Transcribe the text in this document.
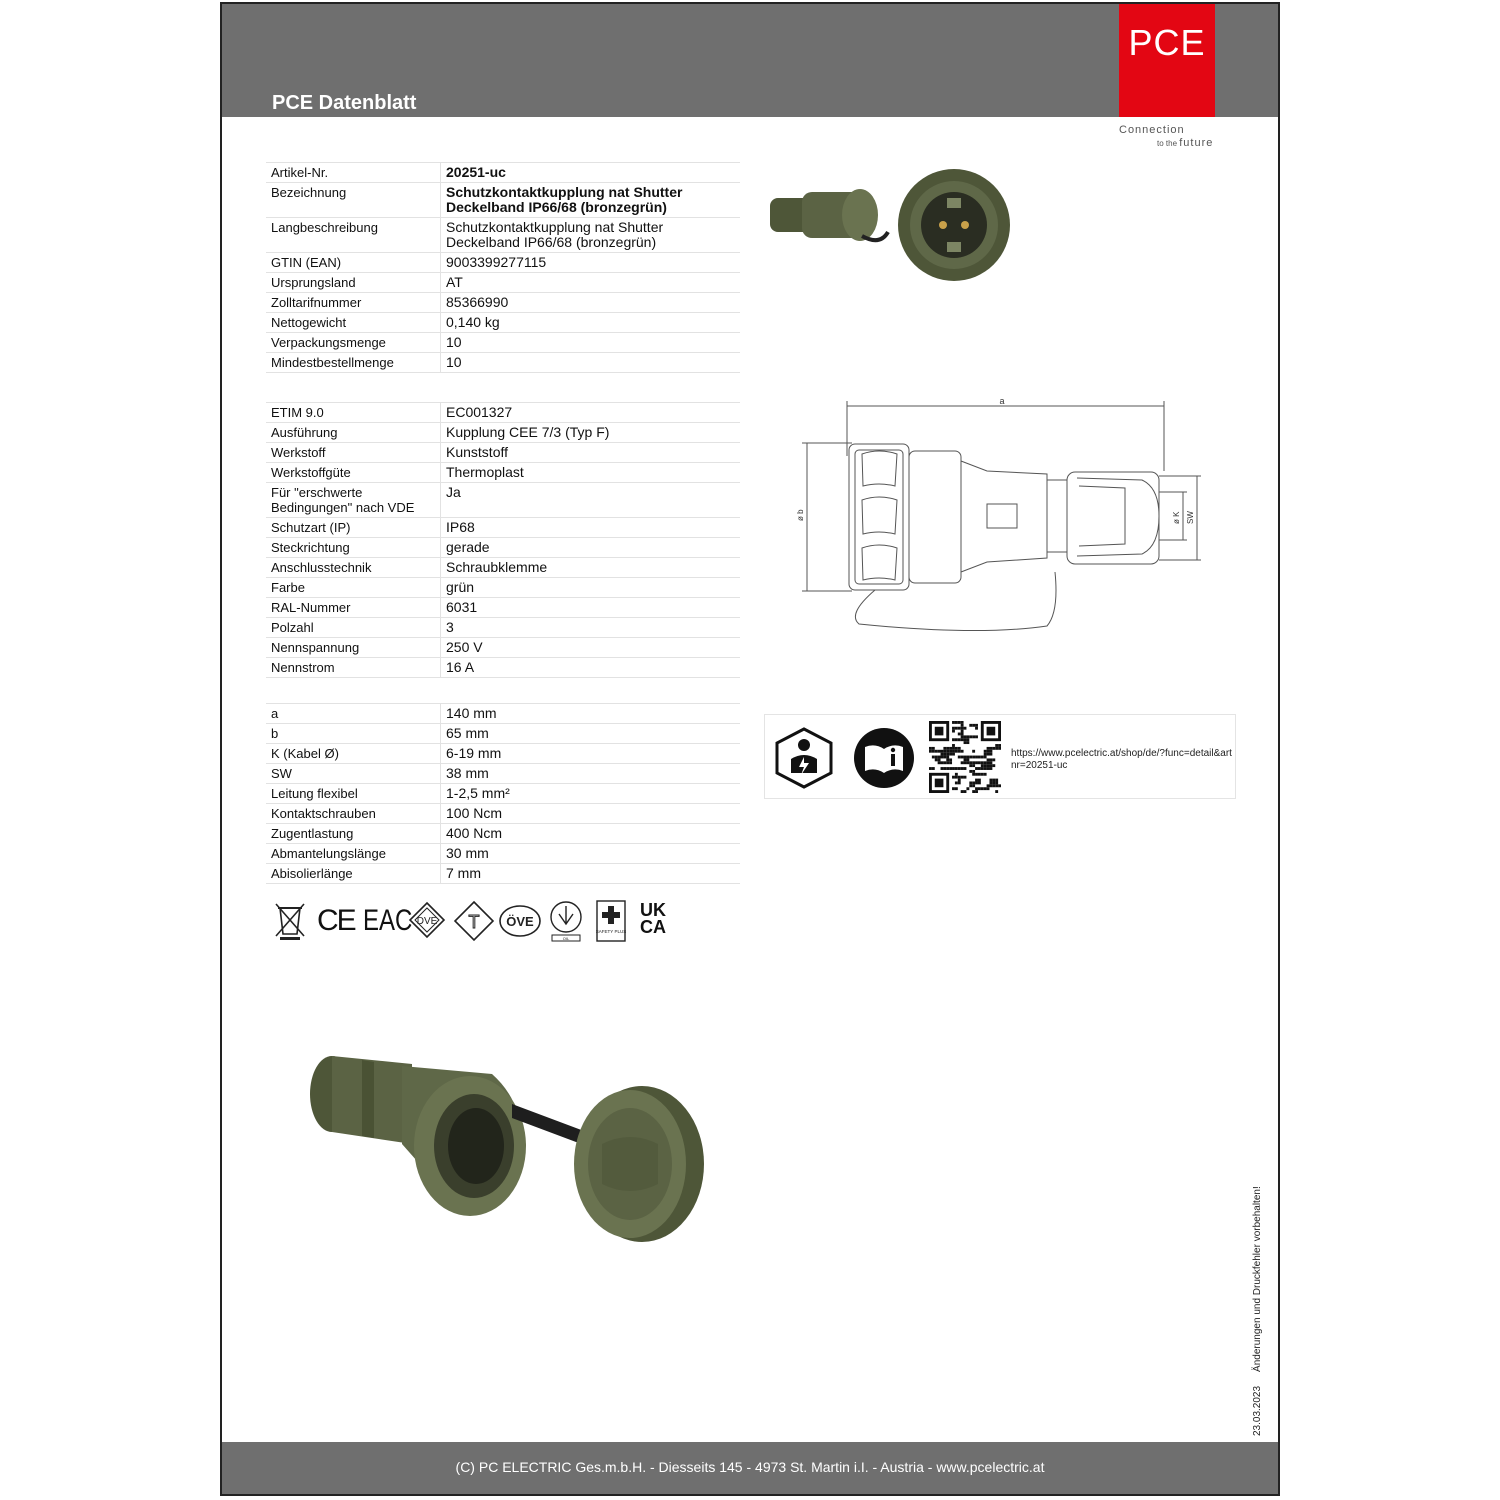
PCE Datenblatt
PCE
Connection
to the future
Artikel-Nr.	20251-uc
Bezeichnung	Schutzkontaktkupplung nat Shutter Deckelband IP66/68 (bronzegrün)
Langbeschreibung	Schutzkontaktkupplung nat Shutter Deckelband IP66/68 (bronzegrün)
GTIN (EAN)	9003399277115
Ursprungsland	AT
Zolltarifnummer	85366990
Nettogewicht	0,140 kg
Verpackungsmenge	10
Mindestbestellmenge	10
ETIM 9.0	EC001327
Ausführung	Kupplung CEE 7/3 (Typ F)
Werkstoff	Kunststoff
Werkstoffgüte	Thermoplast
Für "erschwerte Bedingungen" nach VDE	Ja
Schutzart (IP)	IP68
Steckrichtung	gerade
Anschlusstechnik	Schraubklemme
Farbe	grün
RAL-Nummer	6031
Polzahl	3
Nennspannung	250 V
Nennstrom	16 A
a	140 mm
b	65 mm
K (Kabel Ø)	6-19 mm
SW	38 mm
Leitung flexibel	1-2,5 mm²
Kontaktschrauben	100 Ncm
Zugentlastung	400 Ncm
Abmantelungslänge	30 mm
Abisolierlänge	7 mm
a
ø b	ø K SW
https://www.pcelectric.at/shop/de/?func=detail&artnr=20251-uc
CE EAC DVE T ÖVE
OIL
SAFETY PLUS
UK
CA
23.03.2023Änderungen und Druckfehler vorbehalten!
(C) PC ELECTRIC Ges.m.b.H. - Diesseits 145 - 4973 St. Martin i.I. - Austria - www.pcelectric.at
